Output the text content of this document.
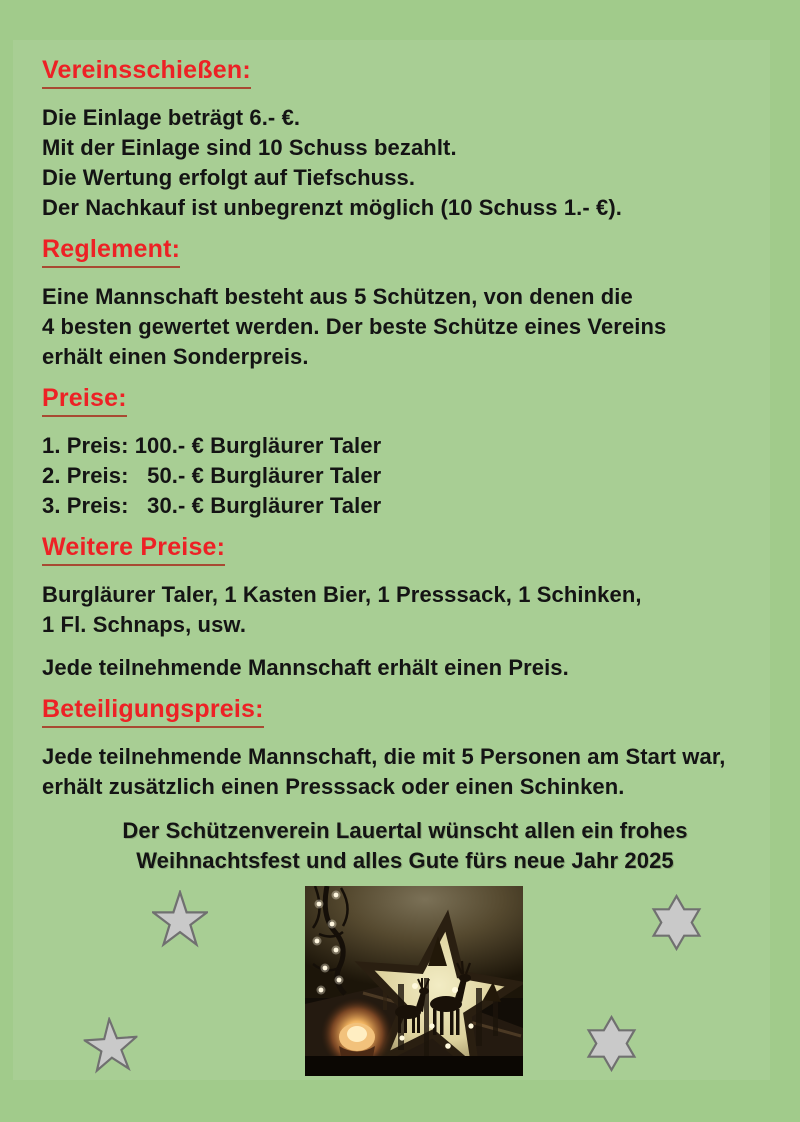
Vereinsschießen:
Die Einlage beträgt 6.- €.
Mit der Einlage sind 10 Schuss bezahlt.
Die Wertung erfolgt auf Tiefschuss.
Der Nachkauf ist unbegrenzt möglich (10 Schuss 1.- €).
Reglement:
Eine Mannschaft besteht aus 5 Schützen, von denen die
4 besten gewertet werden. Der beste Schütze eines Vereins
erhält einen Sonderpreis.
Preise:
1. Preis: 100.- € Burgläurer Taler
2. Preis:   50.- € Burgläurer Taler
3. Preis:   30.- € Burgläurer Taler
Weitere Preise:
Burgläurer Taler, 1 Kasten Bier, 1 Presssack, 1 Schinken,
1 Fl. Schnaps, usw.
Jede teilnehmende Mannschaft erhält einen Preis.
Beteiligungspreis:
Jede teilnehmende Mannschaft, die mit 5 Personen am Start war,
erhält zusätzlich einen Presssack oder einen Schinken.
Der Schützenverein Lauertal wünscht allen ein frohes
Weihnachtsfest und alles Gute fürs neue Jahr 2025
